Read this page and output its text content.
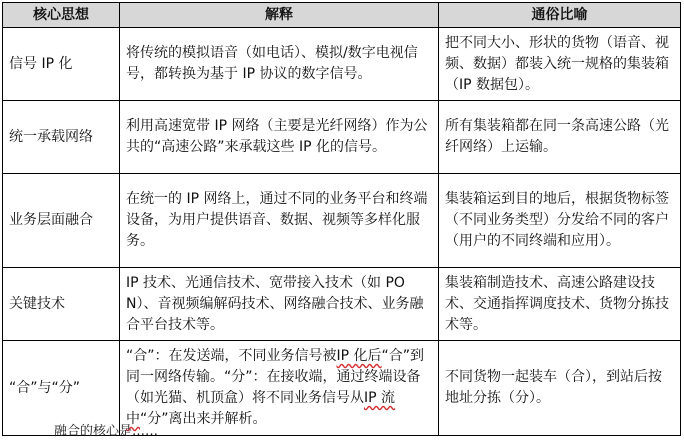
核心思想	解释	通俗比喻
信号 IP 化	将传统的模拟语音（如电话）、模拟/数字电视信号，都转换为基于 IP 协议的数字信号。	把不同大小、形状的货物（语音、视频、数据）都装入统一规格的集装箱（IP 数据包）。
统一承载网络	利用高速宽带 IP 网络（主要是光纤网络）作为公共的“高速公路”来承载这些 IP 化的信号。	所有集装箱都在同一条高速公路（光纤网络）上运输。
业务层面融合	在统一的 IP 网络上，通过不同的业务平台和终端设备，为用户提供语音、数据、视频等多样化服务。	集装箱运到目的地后，根据货物标签（不同业务类型）分发给不同的客户（用户的不同终端和应用）。
关键技术	IP 技术、光通信技术、宽带接入技术（如 PON）、音视频编解码技术、网络融合技术、业务融合平台技术等。	集装箱制造技术、高速公路建设技术、交通指挥调度技术、货物分拣技术等。
“合”与“分”	“合”：在发送端，不同业务信号被IP 化后“合”到同一网络传输。“分”：在接收端，通过终端设备（如光猫、机顶盒）将不同业务信号从IP 流中“分”离出来并解析。	不同货物一起装车（合），到站后按地址分拣（分）。
融合的核心是……
